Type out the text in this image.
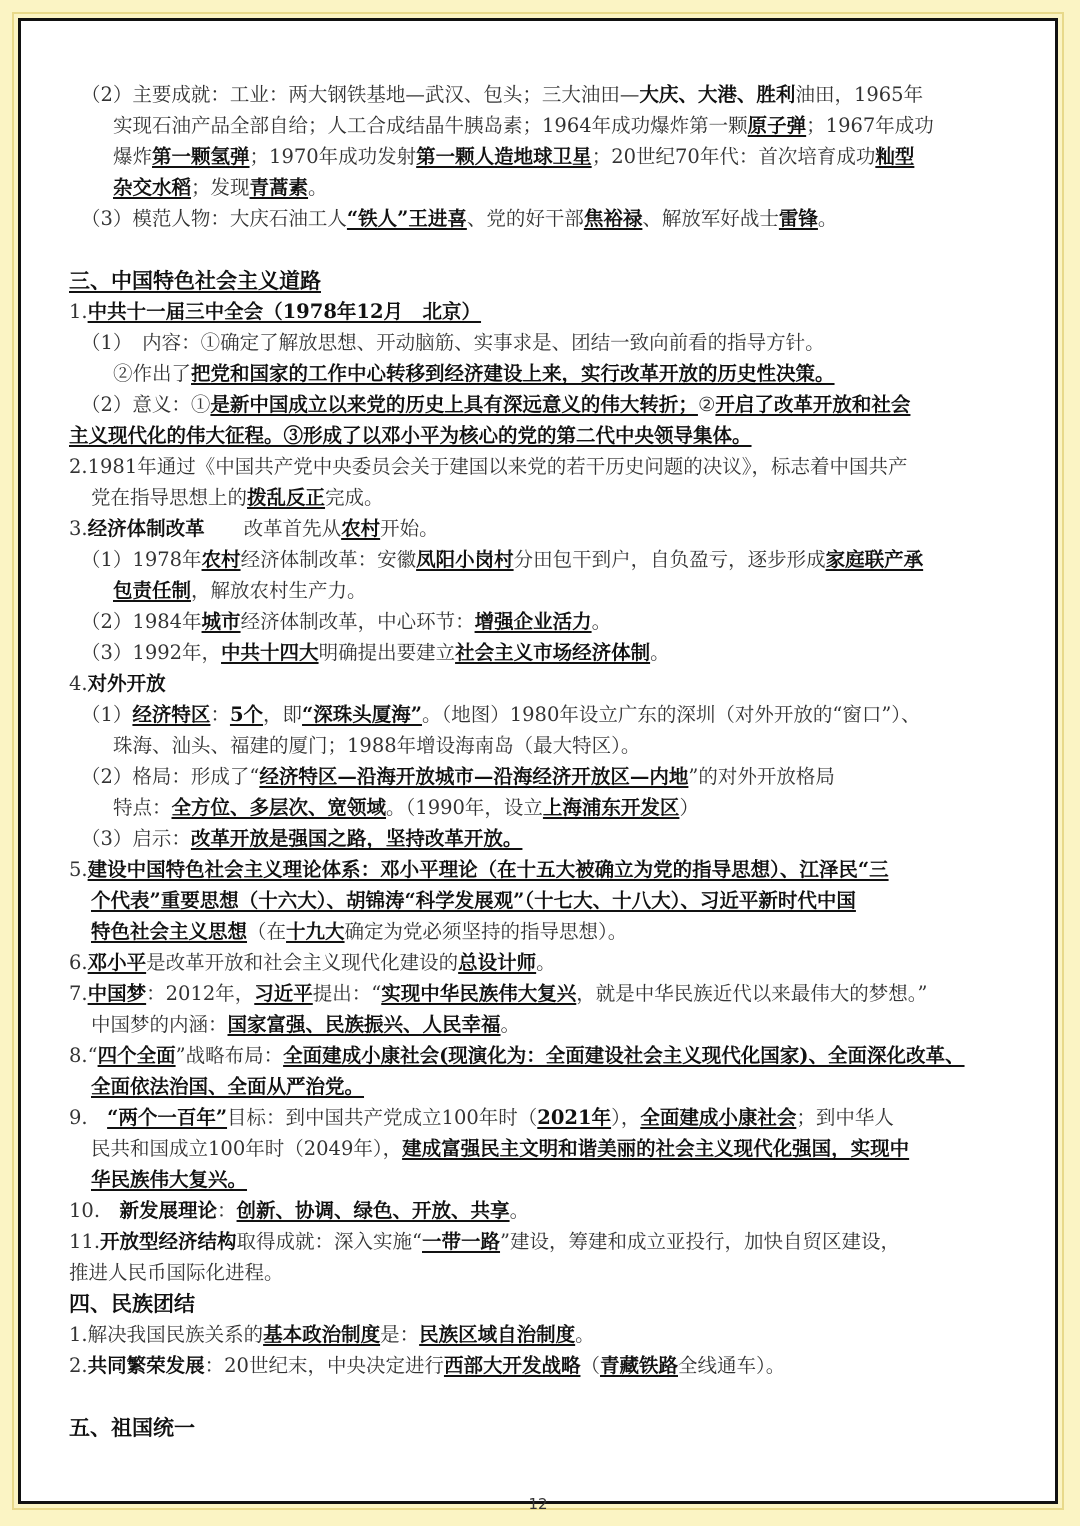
（2）主要成就：工业：两大钢铁基地—武汉、包头；三大油田—大庆、大港、胜利油田，1965年
实现石油产品全部自给；人工合成结晶牛胰岛素；1964年成功爆炸第一颗原子弹；1967年成功
爆炸第一颗氢弹；1970年成功发射第一颗人造地球卫星；20世纪70年代：首次培育成功籼型
杂交水稻；发现青蒿素。
（3）模范人物：大庆石油工人“铁人”王进喜、党的好干部焦裕禄、解放军好战士雷锋。
三、中国特色社会主义道路
1.中共十一届三中全会（1978年12月　北京）
（1）　内容：①确定了解放思想、开动脑筋、实事求是、团结一致向前看的指导方针。
②作出了把党和国家的工作中心转移到经济建设上来，实行改革开放的历史性决策。
（2）意义：①是新中国成立以来党的历史上具有深远意义的伟大转折；②开启了改革开放和社会
主义现代化的伟大征程。③形成了以邓小平为核心的党的第二代中央领导集体。
2.1981年通过《中国共产党中央委员会关于建国以来党的若干历史问题的决议》，标志着中国共产
党在指导思想上的拨乱反正完成。
3.经济体制改革　　改革首先从农村开始。
（1）1978年农村经济体制改革：安徽凤阳小岗村分田包干到户，自负盈亏，逐步形成家庭联产承
包责任制，解放农村生产力。
（2）1984年城市经济体制改革，中心环节：增强企业活力。
（3）1992年，中共十四大明确提出要建立社会主义市场经济体制。
4.对外开放
（1）经济特区：5个，即“深珠头厦海”。（地图）1980年设立广东的深圳（对外开放的“窗口”）、
珠海、汕头、福建的厦门；1988年增设海南岛（最大特区）。
（2）格局：形成了“经济特区—沿海开放城市—沿海经济开放区—内地”的对外开放格局
特点：全方位、多层次、宽领域。（1990年，设立上海浦东开发区）
（3）启示：改革开放是强国之路，坚持改革开放。
5.建设中国特色社会主义理论体系：邓小平理论（在十五大被确立为党的指导思想）、江泽民“三
个代表”重要思想（十六大）、胡锦涛“科学发展观”（十七大、十八大）、习近平新时代中国
特色社会主义思想（在十九大确定为党必须坚持的指导思想）。
6.邓小平是改革开放和社会主义现代化建设的总设计师。
7.中国梦：2012年，习近平提出：“实现中华民族伟大复兴，就是中华民族近代以来最伟大的梦想。”
中国梦的内涵：国家富强、民族振兴、人民幸福。
8.“四个全面”战略布局：全面建成小康社会(现演化为：全面建设社会主义现代化国家)、全面深化改革、
全面依法治国、全面从严治党。
9.　“两个一百年”目标：到中国共产党成立100年时（2021年），全面建成小康社会；到中华人
民共和国成立100年时（2049年），建成富强民主文明和谐美丽的社会主义现代化强国，实现中
华民族伟大复兴。
10.　新发展理论：创新、协调、绿色、开放、共享。
11.开放型经济结构取得成就：深入实施“一带一路”建设，筹建和成立亚投行，加快自贸区建设，
推进人民币国际化进程。
四、民族团结
1.解决我国民族关系的基本政治制度是：民族区域自治制度。
2.共同繁荣发展：20世纪末，中央决定进行西部大开发战略（青藏铁路全线通车）。
五、祖国统一
12
